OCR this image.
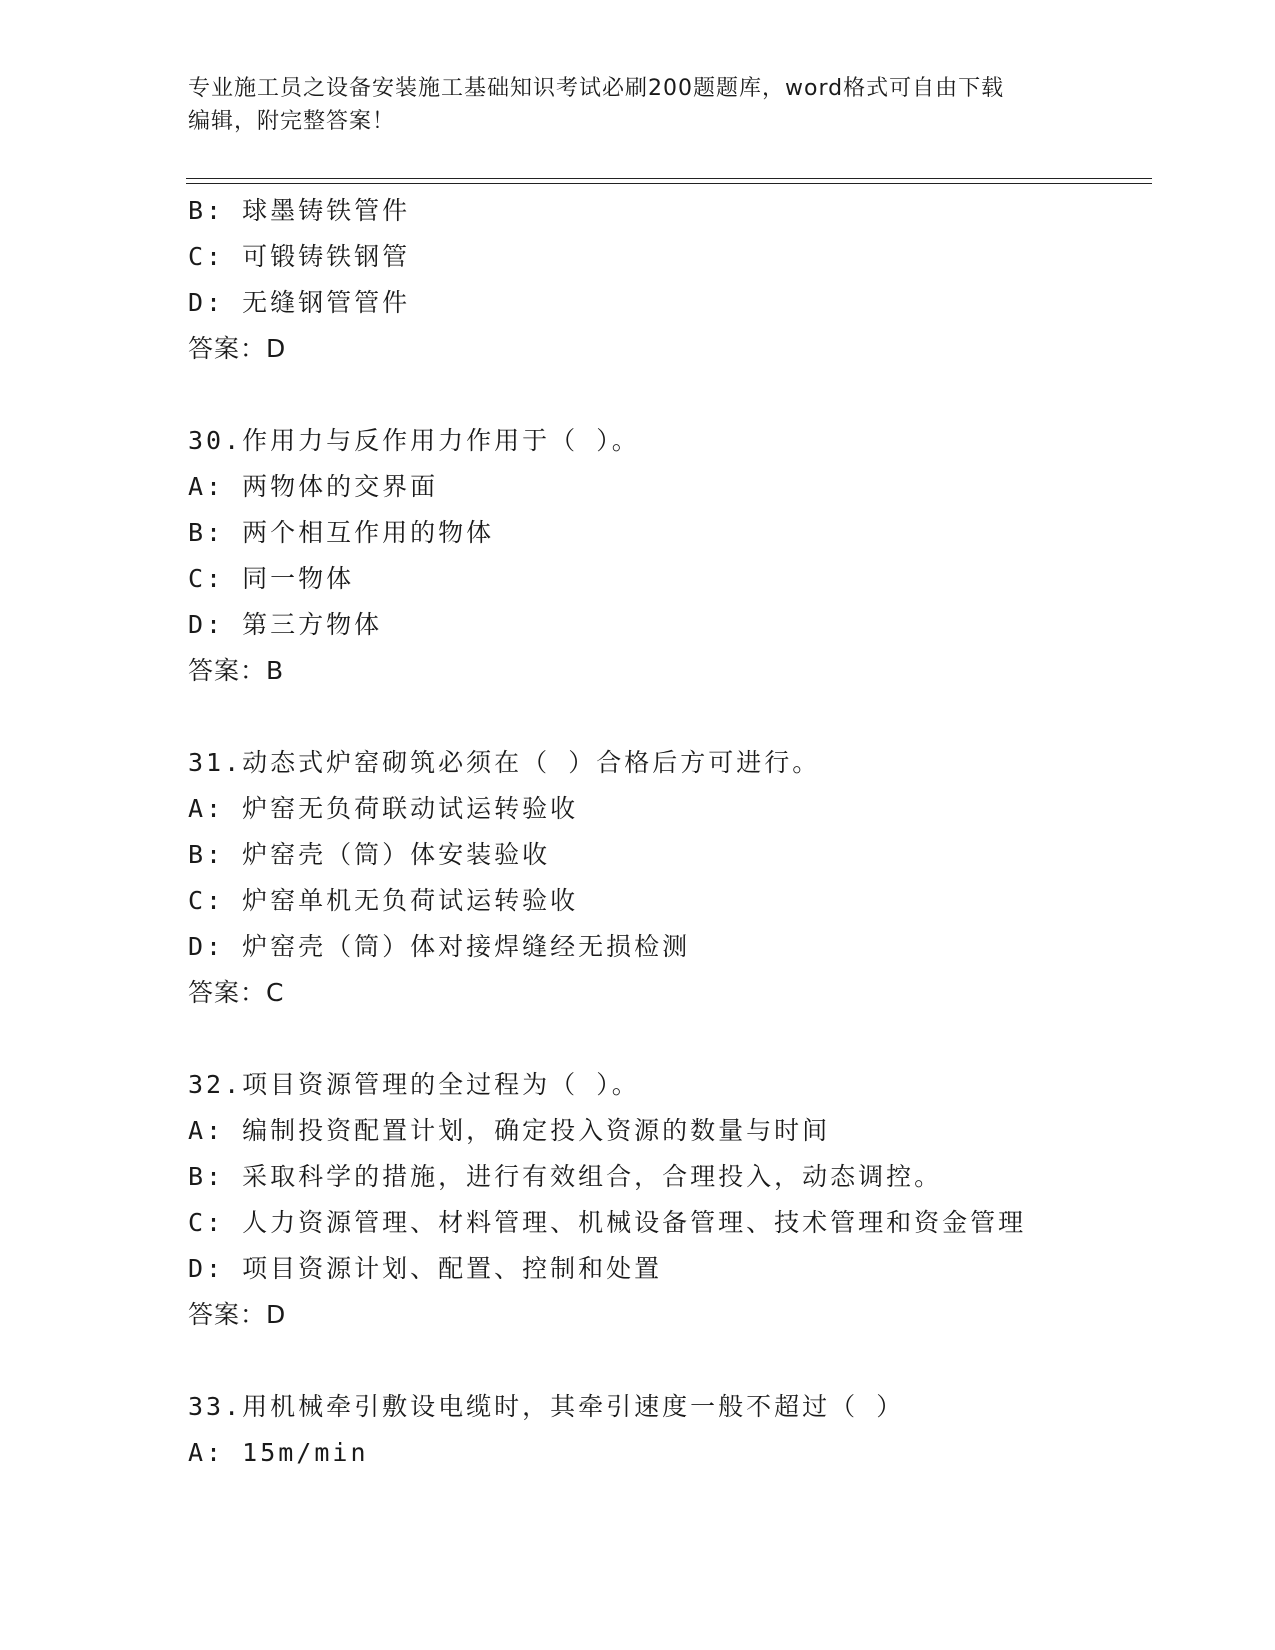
专业施工员之设备安装施工基础知识考试必刷200题题库，word格式可自由下载
编辑，附完整答案！
B: 球墨铸铁管件
C: 可锻铸铁钢管
D: 无缝钢管管件
答案：D
30.作用力与反作用力作用于（ ）。
A: 两物体的交界面
B: 两个相互作用的物体
C: 同一物体
D: 第三方物体
答案：B
31.动态式炉窑砌筑必须在（ ）合格后方可进行。
A: 炉窑无负荷联动试运转验收
B: 炉窑壳（筒）体安装验收
C: 炉窑单机无负荷试运转验收
D: 炉窑壳（筒）体对接焊缝经无损检测
答案：C
32.项目资源管理的全过程为（ ）。
A: 编制投资配置计划，确定投入资源的数量与时间
B: 采取科学的措施，进行有效组合，合理投入，动态调控。
C: 人力资源管理、材料管理、机械设备管理、技术管理和资金管理
D: 项目资源计划、配置、控制和处置
答案：D
33.用机械牵引敷设电缆时，其牵引速度一般不超过（ ）
A: 15m/min
